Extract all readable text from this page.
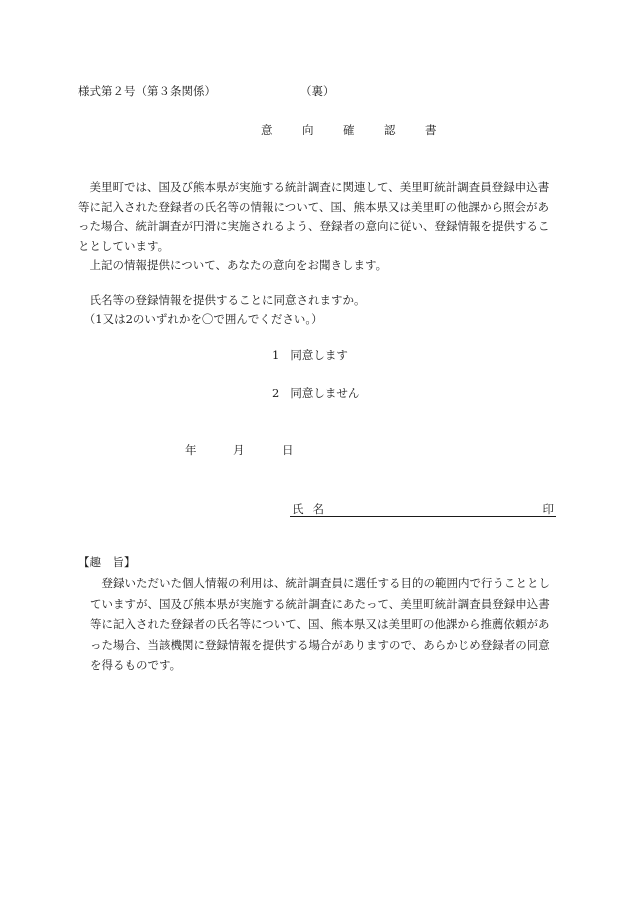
様式第２号（第３条関係）	（裏）
意　向　確　認　書

　美里町では、国及び熊本県が実施する統計調査に関連して、美里町統計調査員登録申込書等に記入された登録者の氏名等の情報について、国、熊本県又は美里町の他課から照会があった場合、統計調査が円滑に実施されるよう、登録者の意向に従い、登録情報を提供することとしています。

　上記の情報提供について、あなたの意向をお聞きします。

　氏名等の登録情報を提供することに同意されますか。

　（1又は2のいずれかを〇で囲んでください。）

1 同意します
2 同意しません
年	月	日
氏名	印
【趣　旨】

　登録いただいた個人情報の利用は、統計調査員に選任する目的の範囲内で行うこととしていますが、国及び熊本県が実施する統計調査にあたって、美里町統計調査員登録申込書等に記入された登録者の氏名等について、国、熊本県又は美里町の他課から推薦依頼があった場合、当該機関に登録情報を提供する場合がありますので、あらかじめ登録者の同意を得るものです。
